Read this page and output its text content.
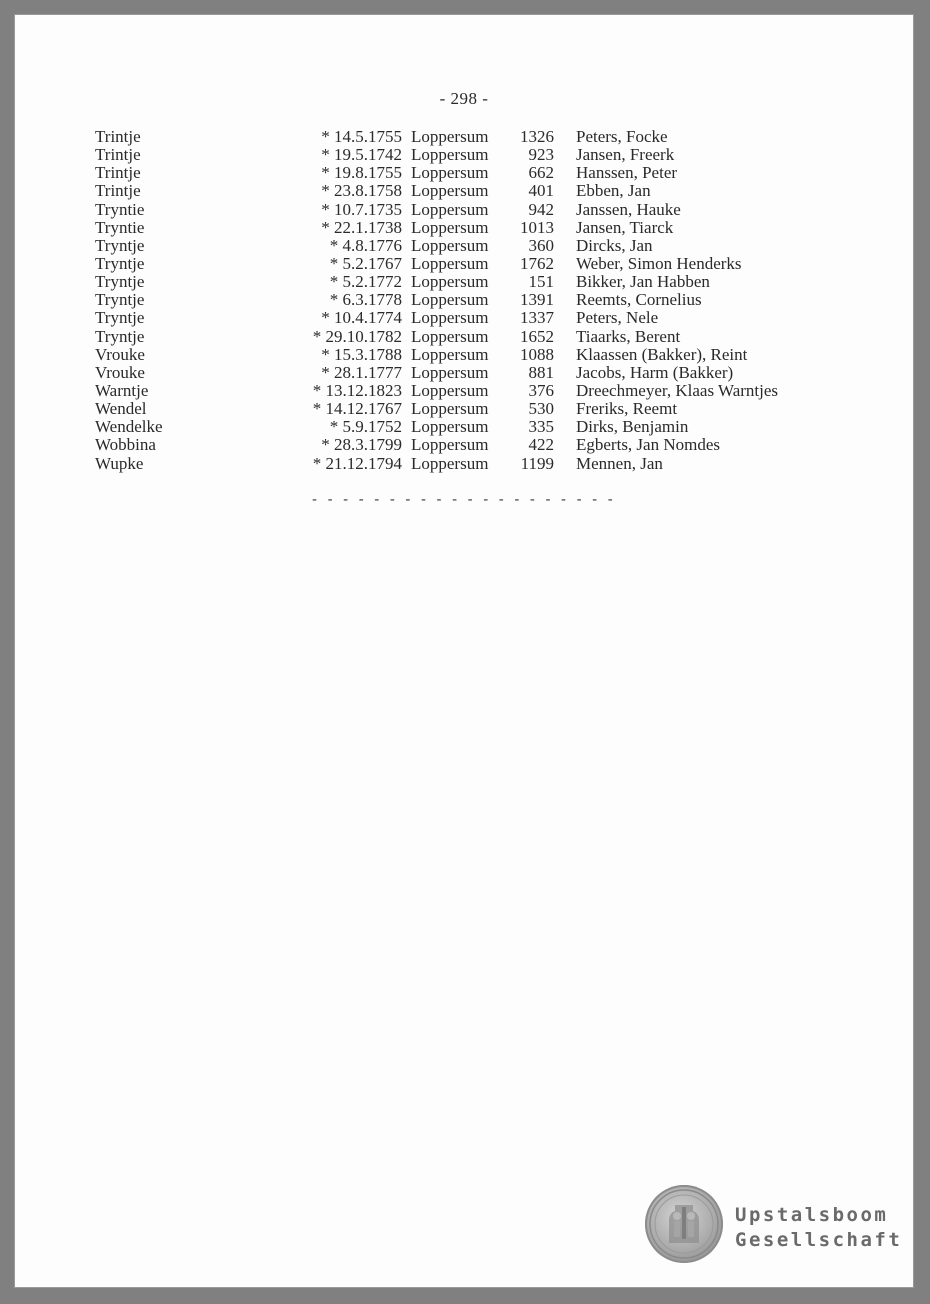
- 298 -
Trintje	* 14.5.1755 Loppersum 1326 Peters, Focke
Trintje	* 19.5.1742 Loppersum 923 Jansen, Freerk
Trintje	* 19.8.1755 Loppersum 662 Hanssen, Peter
Trintje	* 23.8.1758 Loppersum 401 Ebben, Jan
Tryntie	* 10.7.1735 Loppersum 942 Janssen, Hauke
Tryntie	* 22.1.1738 Loppersum 1013 Jansen, Tiarck
Tryntje	* 4.8.1776 Loppersum 360 Dircks, Jan
Tryntje	* 5.2.1767 Loppersum 1762 Weber, Simon Henderks
Tryntje	* 5.2.1772 Loppersum 151 Bikker, Jan Habben
Tryntje	* 6.3.1778 Loppersum 1391 Reemts, Cornelius
Tryntje	* 10.4.1774 Loppersum 1337 Peters, Nele
Tryntje	* 29.10.1782 Loppersum 1652 Tiaarks, Berent
Vrouke	* 15.3.1788 Loppersum 1088 Klaassen (Bakker), Reint
Vrouke	* 28.1.1777 Loppersum 881 Jacobs, Harm (Bakker)
Warntje	* 13.12.1823 Loppersum 376 Dreechmeyer, Klaas Warntjes
Wendel	* 14.12.1767 Loppersum 530 Freriks, Reemt
Wendelke	* 5.9.1752 Loppersum 335 Dirks, Benjamin
Wobbina	* 28.3.1799 Loppersum 422 Egberts, Jan Nomdes
Wupke	* 21.12.1794 Loppersum 1199 Mennen, Jan
- - - - - - - - - - - - - - - - - - - -
Upstalsboom
Gesellschaft
